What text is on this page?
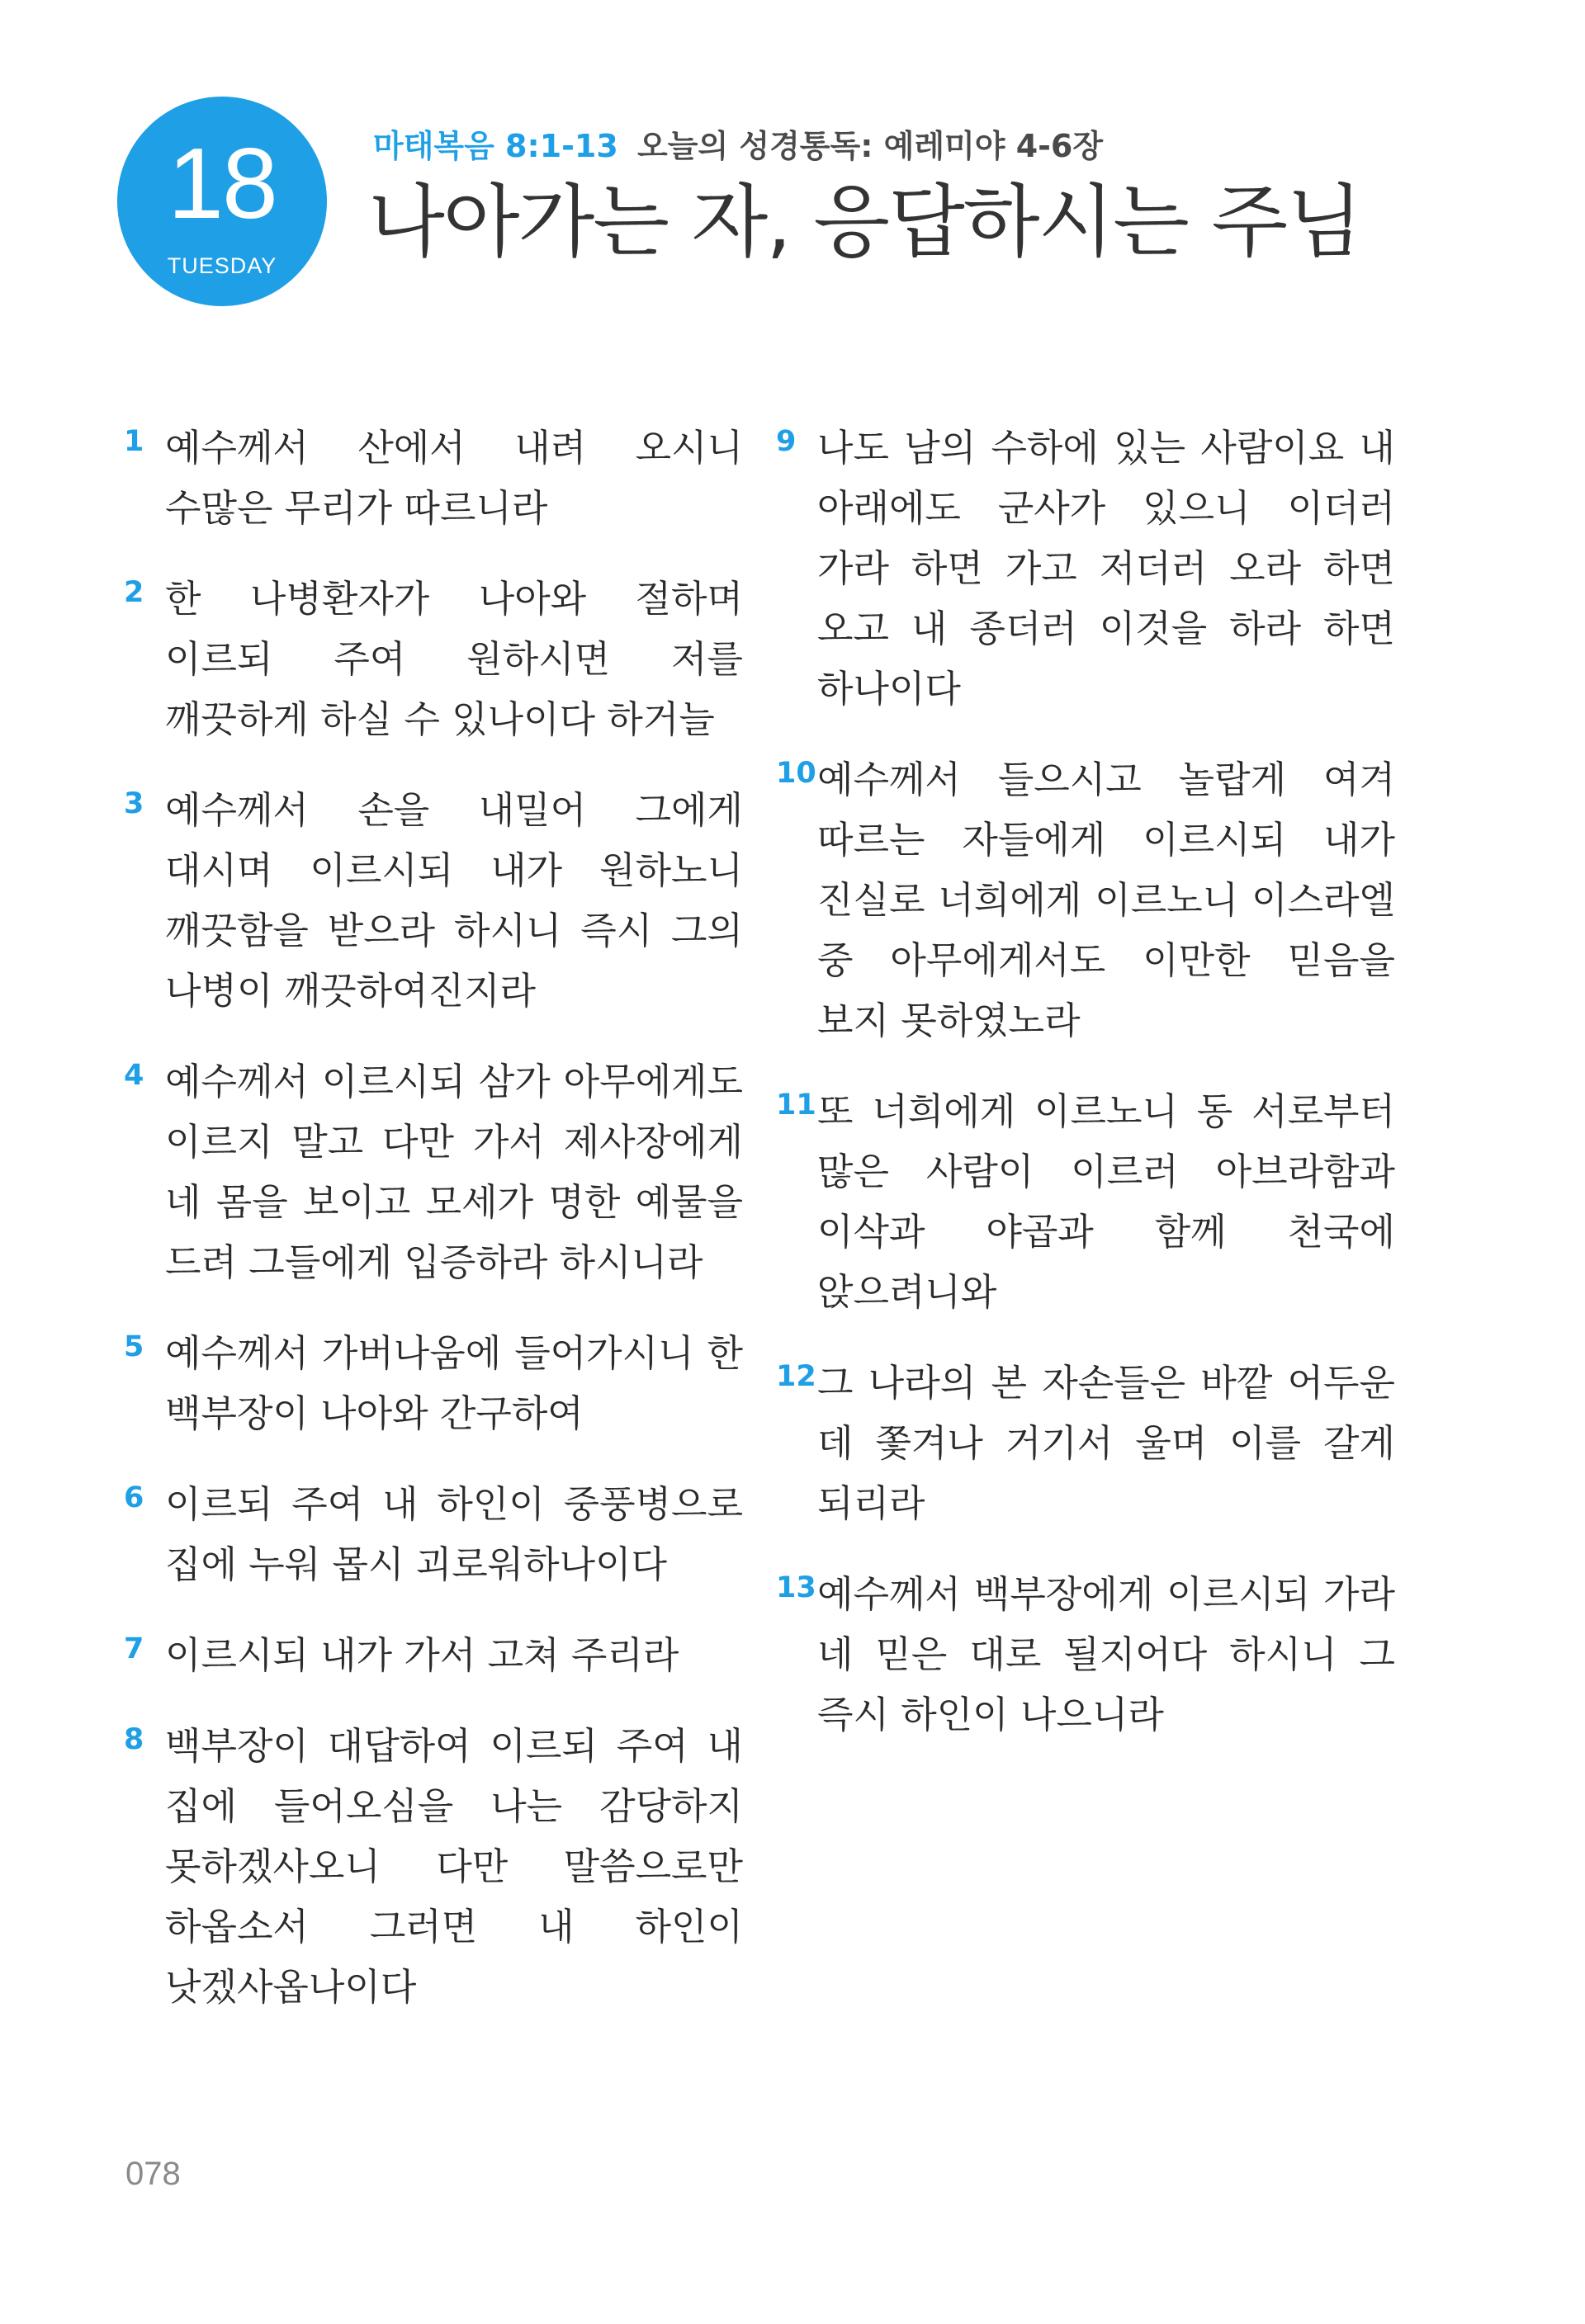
18
TUESDAY
마태복음 8:1-13 오늘의 성경통독: 예레미야 4-6장
나아가는 자, 응답하시는 주님
1 예수께서 산에서 내려 오시니 수많은 무리가 따르니라
2 한 나병환자가 나아와 절하며 이르되 주여 원하시면 저를 깨끗하게 하실 수 있나이다 하거늘
3 예수께서 손을 내밀어 그에게 대시며 이르시되 내가 원하노니 깨끗함을 받으라 하시니 즉시 그의 나병이 깨끗하여진지라
4 예수께서 이르시되 삼가 아무에게도 이르지 말고 다만 가서 제사장에게 네 몸을 보이고 모세가 명한 예물을 드려 그들에게 입증하라 하시니라
5 예수께서 가버나움에 들어가시니 한 백부장이 나아와 간구하여
6 이르되 주여 내 하인이 중풍병으로 집에 누워 몹시 괴로워하나이다
7 이르시되 내가 가서 고쳐 주리라
8 백부장이 대답하여 이르되 주여 내 집에 들어오심을 나는 감당하지 못하겠사오니 다만 말씀으로만 하옵소서 그러면 내 하인이 낫겠사옵나이다
9 나도 남의 수하에 있는 사람이요 내 아래에도 군사가 있으니 이더러 가라 하면 가고 저더러 오라 하면 오고 내 종더러 이것을 하라 하면 하나이다
10 예수께서 들으시고 놀랍게 여겨 따르는 자들에게 이르시되 내가 진실로 너희에게 이르노니 이스라엘 중 아무에게서도 이만한 믿음을 보지 못하였노라
11 또 너희에게 이르노니 동 서로부터 많은 사람이 이르러 아브라함과 이삭과 야곱과 함께 천국에 앉으려니와
12 그 나라의 본 자손들은 바깥 어두운 데 쫓겨나 거기서 울며 이를 갈게 되리라
13 예수께서 백부장에게 이르시되 가라 네 믿은 대로 될지어다 하시니 그 즉시 하인이 나으니라
078
